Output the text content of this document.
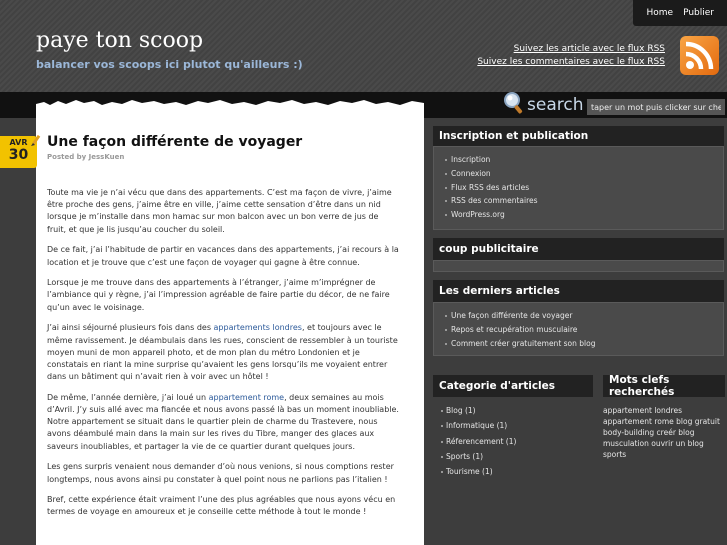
Home Publier
paye ton scoop
balancer vos scoops ici plutot qu'ailleurs :)
Suivez les article avec le flux RSS
Suivez les commentaires avec le flux RSS
search
taper un mot puis clicker sur cherche
AVR
30
Une façon différente de voyager
Posted by JessKuen

Toute ma vie je n’ai vécu que dans des appartements. C’est ma façon de vivre, j’aime être proche des gens, j’aime être en ville, j’aime cette sensation d’être dans un nid lorsque je m’installe dans mon hamac sur mon balcon avec un bon verre de jus de fruit, et que je lis jusqu’au coucher du soleil.

De ce fait, j’ai l’habitude de partir en vacances dans des appartements, j’ai recours à la location et je trouve que c’est une façon de voyager qui gagne à être connue.

Lorsque je me trouve dans des appartements à l’étranger, j’aime m’imprégner de l’ambiance qui y règne, j’ai l’impression agréable de faire partie du décor, de ne faire qu’un avec le voisinage.

J’ai ainsi séjourné plusieurs fois dans des appartements londres, et toujours avec le même ravissement. Je déambulais dans les rues, conscient de ressembler à un touriste moyen muni de mon appareil photo, et de mon plan du métro Londonien et je constatais en riant la mine surprise qu’avaient les gens lorsqu’ils me voyaient entrer dans un bâtiment qui n’avait rien à voir avec un hôtel !

De même, l’année dernière, j’ai loué un appartement rome, deux semaines au mois d’Avril. J’y suis allé avec ma fiancée et nous avons passé là bas un moment inoubliable. Notre appartement se situait dans le quartier plein de charme du Trastevere, nous avons déambulé main dans la main sur les rives du Tibre, manger des glaces aux saveurs inoubliables, et partager la vie de ce quartier durant quelques jours.

Les gens surpris venaient nous demander d’où nous venions, si nous comptions rester longtemps, nous avons ainsi pu constater à quel point nous ne parlions pas l’italien !

Bref, cette expérience était vraiment l’une des plus agréables que nous ayons vécu en termes de voyage en amoureux et je conseille cette méthode à tout le monde !

Inscription et publication
Inscription
Connexion
Flux RSS des articles
RSS des commentaires
WordPress.org
coup publicitaire
Les derniers articles
Une façon différente de voyager
Repos et recupération musculaire
Comment créer gratuitement son blog
Categorie d'articles
Blog (1)
Informatique (1)
Réferencement (1)
Sports (1)
Tourisme (1)
Mots clefs recherchés
appartement londres appartement rome blog gratuit body-building creér blog musculation ouvrir un blog sports
